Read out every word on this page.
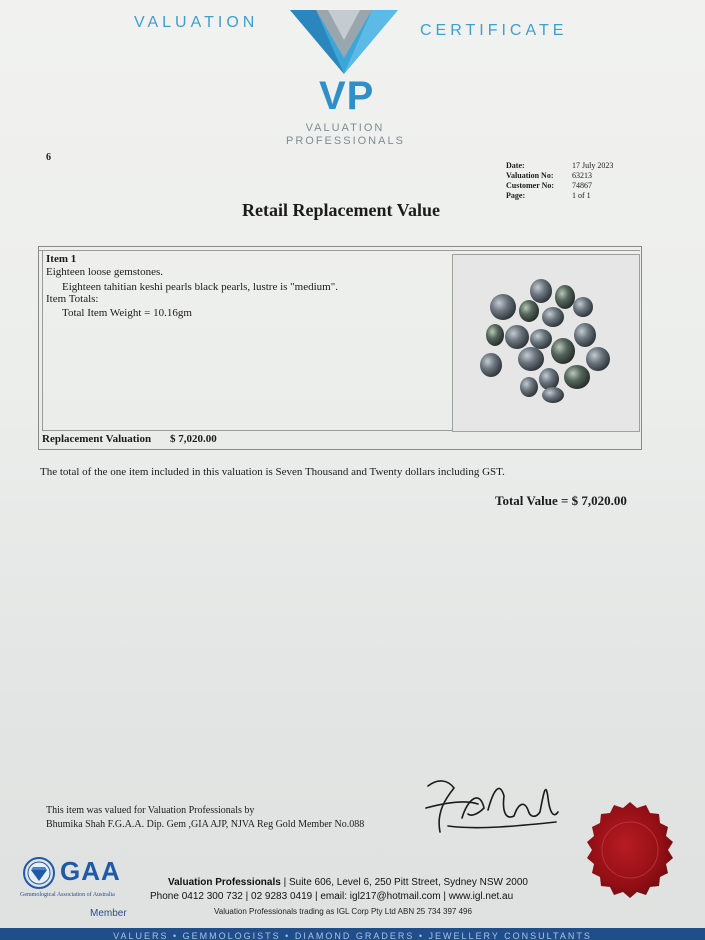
VALUATION	CERTIFICATE
VP
VALUATION
PROFESSIONALS
6
Date:	17 July 2023
Valuation No:	63213
Customer No:	74867
Page:	1 of 1
Retail Replacement Value
Item 1
Eighteen loose gemstones.
Eighteen tahitian keshi pearls black pearls, lustre is "medium".
Item Totals:
Total Item Weight = 10.16gm
Replacement Valuation $ 7,020.00
The total of the one item included in this valuation is Seven Thousand and Twenty dollars including GST.
Total Value = $ 7,020.00
This item was valued for Valuation Professionals by
Bhumika Shah F.G.A.A. Dip. Gem ,GIA AJP, NJVA Reg Gold Member No.088
GAA
Gemmological Association of Australia
Member
Valuation Professionals | Suite 606, Level 6, 250 Pitt Street, Sydney NSW 2000
Phone 0412 300 732 | 02 9283 0419 | email: igl217@hotmail.com | www.igl.net.au
Valuation Professionals trading as IGL Corp Pty Ltd ABN 25 734 397 496
VALUERS • GEMMOLOGISTS • DIAMOND GRADERS • JEWELLERY CONSULTANTS
